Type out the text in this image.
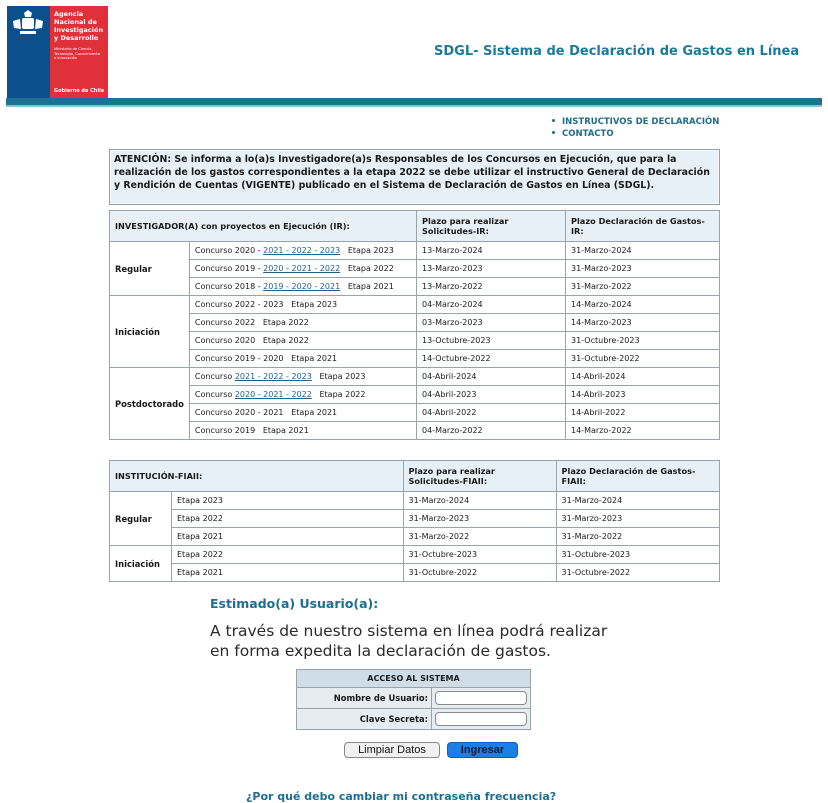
Agencia
Nacional de
Investigación
y Desarrollo
Ministerio de Ciencia,
Tecnología, Conocimiento
e Innovación
Gobierno de Chile
SDGL- Sistema de Declaración de Gastos en Línea
INSTRUCTIVOS DE DECLARACIÓN
CONTACTO

ATENCIÓN: Se informa a lo(a)s Investigadore(a)s Responsables de los Concursos en Ejecución, que para la realización de los gastos correspondientes a la etapa 2022 se debe utilizar el instructivo General de Declaración y Rendición de Cuentas (VIGENTE) publicado en el Sistema de Declaración de Gastos en Línea (SDGL).

INVESTIGADOR(A) con proyectos en Ejecución (IR):		Plazo para realizar Solicitudes-IR:	Plazo Declaración de Gastos-IR:
Regular	Concurso 2020 - 2021 - 2022 - 2023 Etapa 2023	13-Marzo-2024	31-Marzo-2024
	Concurso 2019 - 2020 - 2021 - 2022 Etapa 2022	13-Marzo-2023	31-Marzo-2023
	Concurso 2018 - 2019 - 2020 - 2021 Etapa 2021	13-Marzo-2022	31-Marzo-2022
Iniciación	Concurso 2022 - 2023 Etapa 2023	04-Marzo-2024	14-Marzo-2024
	Concurso 2022 Etapa 2022	03-Marzo-2023	14-Marzo-2023
	Concurso 2020 Etapa 2022	13-Octubre-2023	31-Octubre-2023
	Concurso 2019 - 2020 Etapa 2021	14-Octubre-2022	31-Octubre-2022
Postdoctorado	Concurso 2021 - 2022 - 2023 Etapa 2023	04-Abril-2024	14-Abril-2024
	Concurso 2020 - 2021 - 2022 Etapa 2022	04-Abril-2023	14-Abril-2023
	Concurso 2020 - 2021 Etapa 2021	04-Abril-2022	14-Abril-2022
	Concurso 2019 Etapa 2021	04-Marzo-2022	14-Marzo-2022
INSTITUCIÓN-FIAII:		Plazo para realizar Solicitudes-FIAII:	Plazo Declaración de Gastos-FIAII:
Regular	Etapa 2023	31-Marzo-2024	31-Marzo-2024
	Etapa 2022	31-Marzo-2023	31-Marzo-2023
	Etapa 2021	31-Marzo-2022	31-Marzo-2022
Iniciación	Etapa 2022	31-Octubre-2023	31-Octubre-2023
	Etapa 2021	31-Octubre-2022	31-Octubre-2022
Estimado(a) Usuario(a):
A través de nuestro sistema en línea podrá realizar en forma expedita la declaración de gastos.
ACCESO AL SISTEMA	
Nombre de Usuario:	
Clave Secreta:	
Limpiar Datos	Ingresar
¿Por qué debo cambiar mi contraseña frecuencia?
